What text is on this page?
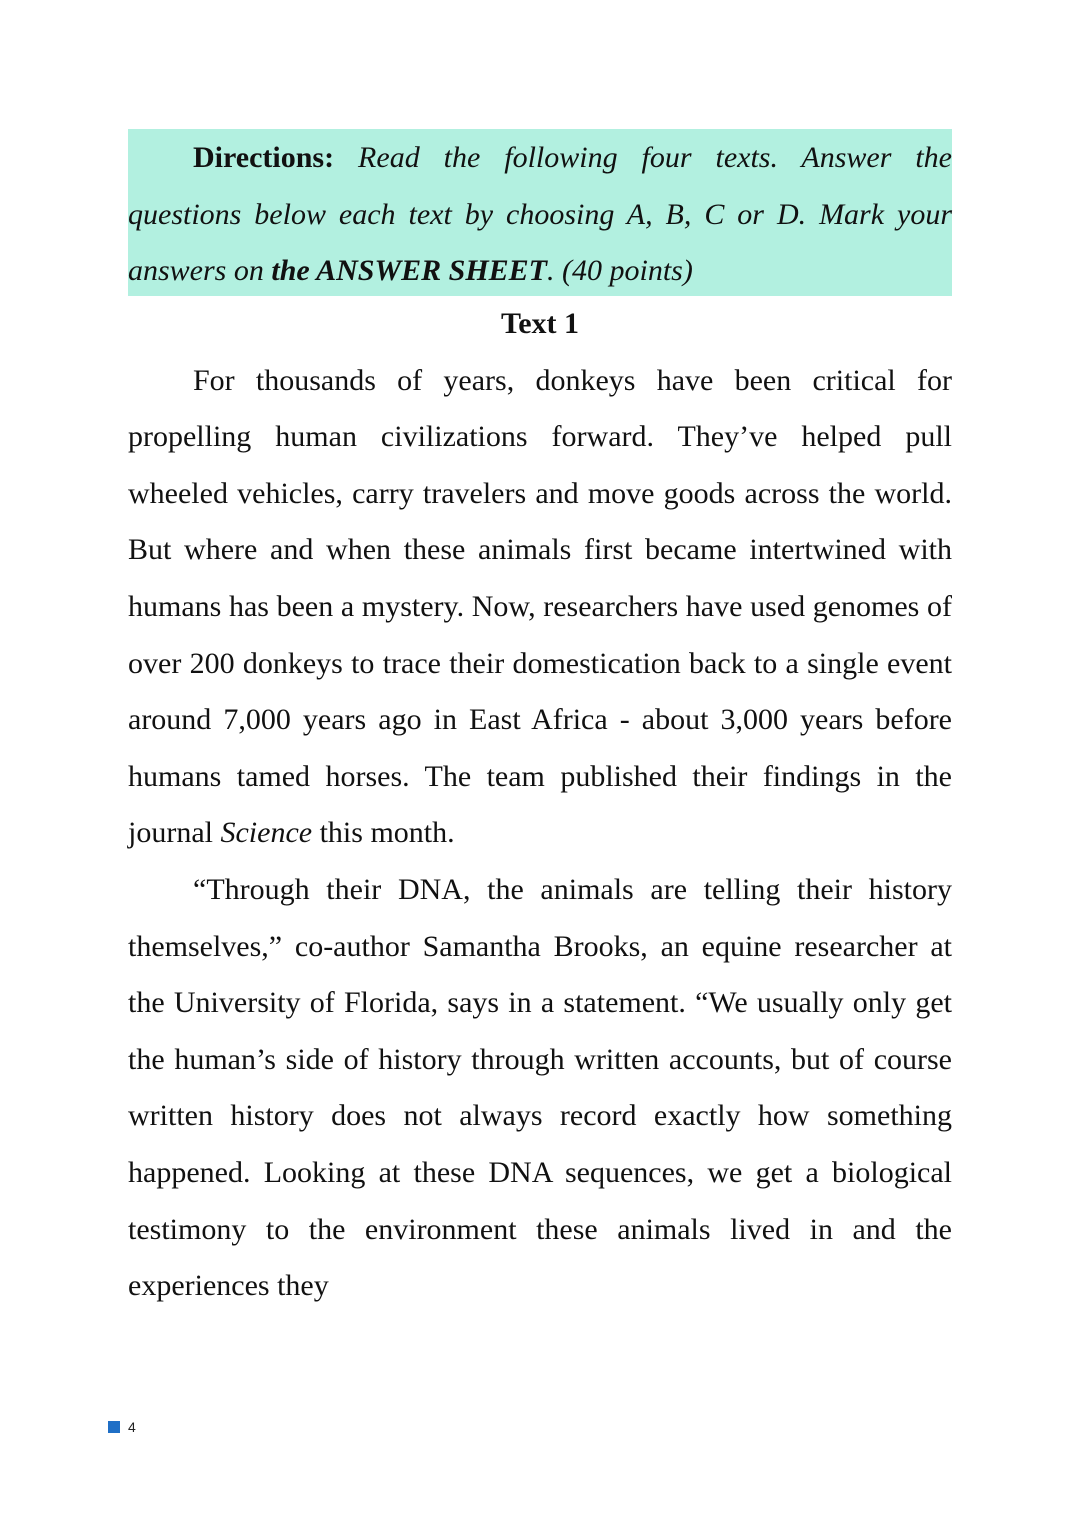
Directions: Read the following four texts. Answer the questions below each text by choosing A, B, C or D. Mark your answers on the ANSWER SHEET. (40 points)

Text 1

For thousands of years, donkeys have been critical for propelling human civilizations forward. They’ve helped pull wheeled vehicles, carry travelers and move goods across the world. But where and when these animals first became intertwined with humans has been a mystery. Now, researchers have used genomes of over 200 donkeys to trace their domestication back to a single event around 7,000 years ago in East Africa - about 3,000 years before humans tamed horses. The team published their findings in the journal Science this month.

“Through their DNA, the animals are telling their history themselves,” co-author Samantha Brooks, an equine researcher at the University of Florida, says in a statement. “We usually only get the human’s side of history through written accounts, but of course written history does not always record exactly how something happened. Looking at these DNA sequences, we get a biological testimony to the environment these animals lived in and the experiences they

4
